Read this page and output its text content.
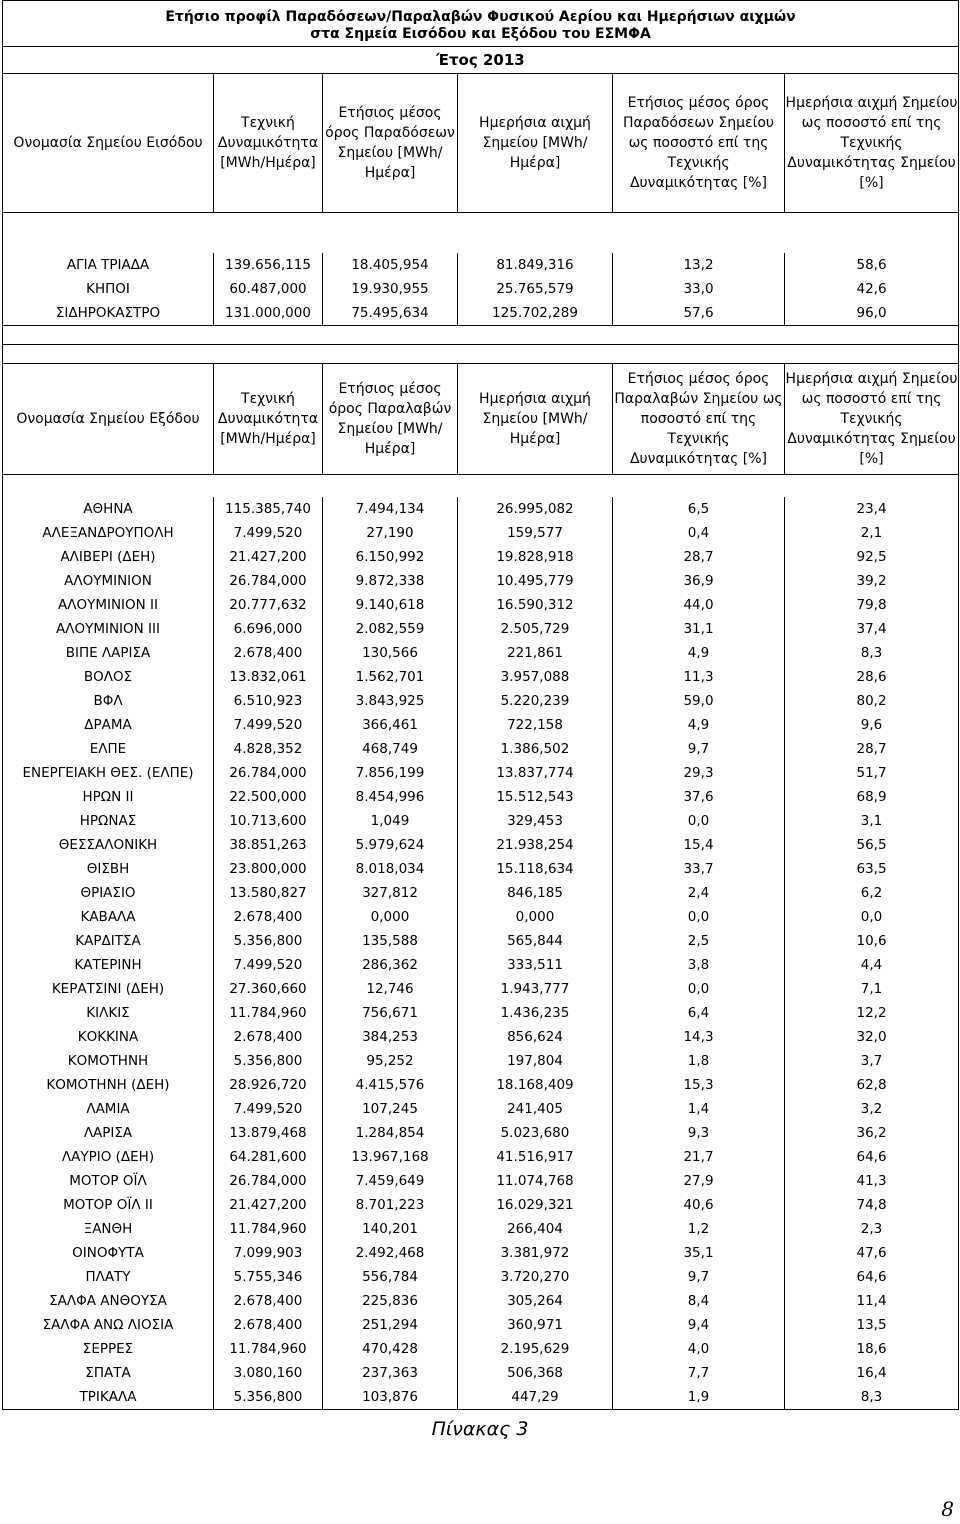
Ετήσιο προφίλ Παραδόσεων/Παραλαβών Φυσικού Αερίου και Ημερήσιων αιχμών					
στα Σημεία Εισόδου και Εξόδου του ΕΣΜΦΑ					
Έτος 2013					
Ονομασία Σημείου Εισόδου	Τεχνική Δυναμικότητα [MWh/Ημέρα]	Ετήσιος μέσος όρος Παραδόσεων Σημείου [MWh/Ημέρα]	Ημερήσια αιχμή Σημείου [MWh/Ημέρα]	Ετήσιος μέσος όρος Παραδόσεων Σημείου ως ποσοστό επί της Τεχνικής Δυναμικότητας [%]	Ημερήσια αιχμή Σημείου ως ποσοστό επί της Τεχνικής Δυναμικότητας Σημείου [%]

ΑΓΙΑ ΤΡΙΑΔΑ	139.656,115	18.405,954	81.849,316	13,2	58,6
ΚΗΠΟΙ	60.487,000	19.930,955	25.765,579	33,0	42,6
ΣΙΔΗΡΟΚΑΣΤΡΟ	131.000,000	75.495,634	125.702,289	57,6	96,0

Ονομασία Σημείου Εξόδου	Τεχνική Δυναμικότητα [MWh/Ημέρα]	Ετήσιος μέσος όρος Παραλαβών Σημείου [MWh/Ημέρα]	Ημερήσια αιχμή Σημείου [MWh/Ημέρα]	Ετήσιος μέσος όρος Παραλαβών Σημείου ως ποσοστό επί της Τεχνικής Δυναμικότητας [%]	Ημερήσια αιχμή Σημείου ως ποσοστό επί της Τεχνικής Δυναμικότητας Σημείου [%]

ΑΘΗΝΑ	115.385,740	7.494,134	26.995,082	6,5	23,4
ΑΛΕΞΑΝΔΡΟΥΠΟΛΗ	7.499,520	27,190	159,577	0,4	2,1
ΑΛΙΒΕΡΙ (ΔΕΗ)	21.427,200	6.150,992	19.828,918	28,7	92,5
ΑΛΟΥΜΙΝΙΟΝ	26.784,000	9.872,338	10.495,779	36,9	39,2
ΑΛΟΥΜΙΝΙΟΝ ΙΙ	20.777,632	9.140,618	16.590,312	44,0	79,8
ΑΛΟΥΜΙΝΙΟΝ ΙΙΙ	6.696,000	2.082,559	2.505,729	31,1	37,4
ΒΙΠΕ ΛΑΡΙΣΑ	2.678,400	130,566	221,861	4,9	8,3
ΒΟΛΟΣ	13.832,061	1.562,701	3.957,088	11,3	28,6
ΒΦΛ	6.510,923	3.843,925	5.220,239	59,0	80,2
ΔΡΑΜΑ	7.499,520	366,461	722,158	4,9	9,6
ΕΛΠΕ	4.828,352	468,749	1.386,502	9,7	28,7
ΕΝΕΡΓΕΙΑΚΗ ΘΕΣ. (ΕΛΠΕ)	26.784,000	7.856,199	13.837,774	29,3	51,7
ΗΡΩΝ ΙΙ	22.500,000	8.454,996	15.512,543	37,6	68,9
ΗΡΩΝΑΣ	10.713,600	1,049	329,453	0,0	3,1
ΘΕΣΣΑΛΟΝΙΚΗ	38.851,263	5.979,624	21.938,254	15,4	56,5
ΘΙΣΒΗ	23.800,000	8.018,034	15.118,634	33,7	63,5
ΘΡΙΑΣΙΟ	13.580,827	327,812	846,185	2,4	6,2
ΚΑΒΑΛΑ	2.678,400	0,000	0,000	0,0	0,0
ΚΑΡΔΙΤΣΑ	5.356,800	135,588	565,844	2,5	10,6
ΚΑΤΕΡΙΝΗ	7.499,520	286,362	333,511	3,8	4,4
ΚΕΡΑΤΣΙΝΙ (ΔΕΗ)	27.360,660	12,746	1.943,777	0,0	7,1
ΚΙΛΚΙΣ	11.784,960	756,671	1.436,235	6,4	12,2
ΚΟΚΚΙΝΑ	2.678,400	384,253	856,624	14,3	32,0
ΚΟΜΟΤΗΝΗ	5.356,800	95,252	197,804	1,8	3,7
ΚΟΜΟΤΗΝΗ (ΔΕΗ)	28.926,720	4.415,576	18.168,409	15,3	62,8
ΛΑΜΙΑ	7.499,520	107,245	241,405	1,4	3,2
ΛΑΡΙΣΑ	13.879,468	1.284,854	5.023,680	9,3	36,2
ΛΑΥΡΙΟ (ΔΕΗ)	64.281,600	13.967,168	41.516,917	21,7	64,6
ΜΟΤΟΡ ΟΪΛ	26.784,000	7.459,649	11.074,768	27,9	41,3
ΜΟΤΟΡ ΟΪΛ ΙΙ	21.427,200	8.701,223	16.029,321	40,6	74,8
ΞΑΝΘΗ	11.784,960	140,201	266,404	1,2	2,3
ΟΙΝΟΦΥΤΑ	7.099,903	2.492,468	3.381,972	35,1	47,6
ΠΛΑΤΥ	5.755,346	556,784	3.720,270	9,7	64,6
ΣΑΛΦΑ ΑΝΘΟΥΣΑ	2.678,400	225,836	305,264	8,4	11,4
ΣΑΛΦΑ ΑΝΩ ΛΙΟΣΙΑ	2.678,400	251,294	360,971	9,4	13,5
ΣΕΡΡΕΣ	11.784,960	470,428	2.195,629	4,0	18,6
ΣΠΑΤΑ	3.080,160	237,363	506,368	7,7	16,4
ΤΡΙΚΑΛΑ	5.356,800	103,876	447,29	1,9	8,3
Πίνακας 3
8
